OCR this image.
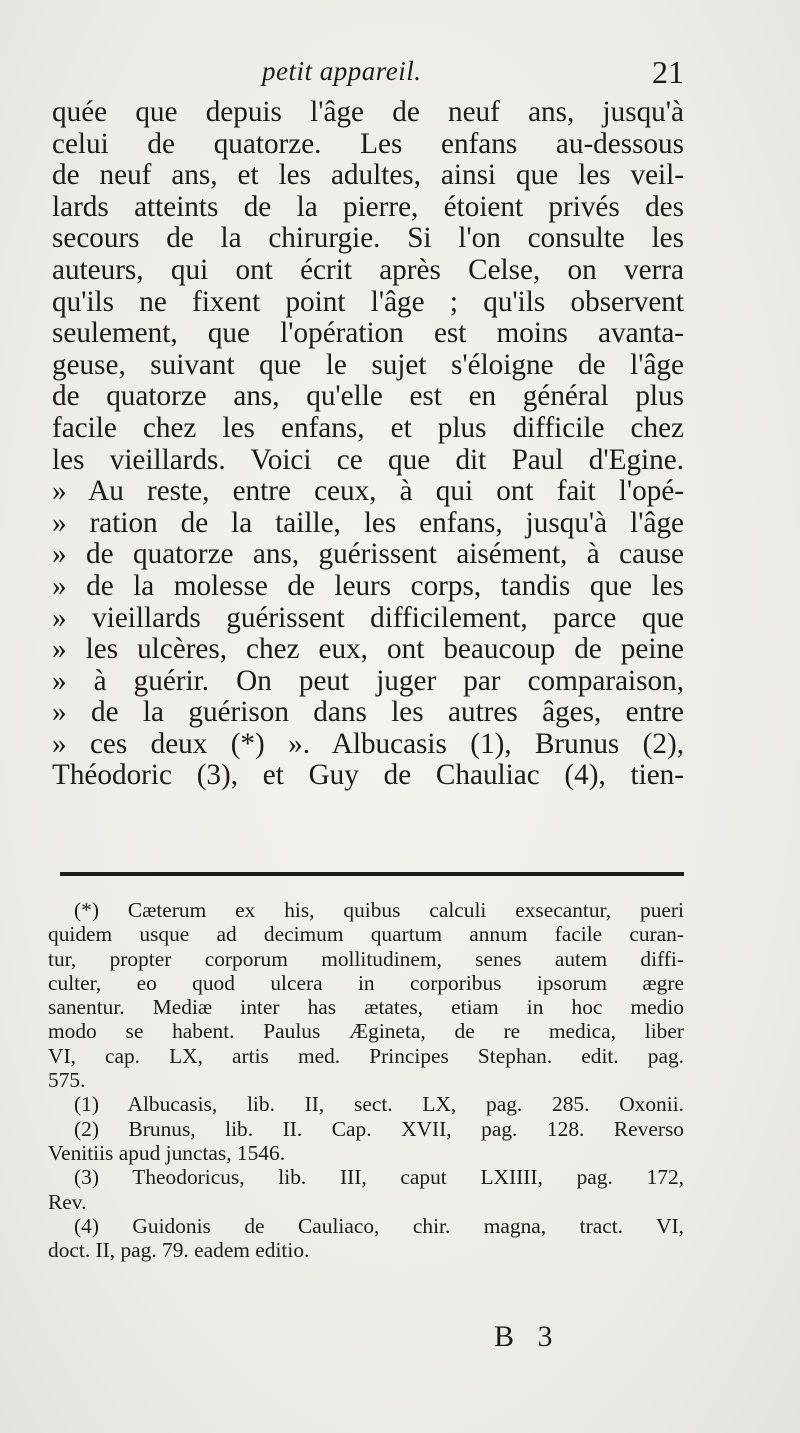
petit appareil.	21
quée que depuis l'âge de neuf ans, jusqu'à
celui de quatorze. Les enfans au-dessous
de neuf ans, et les adultes, ainsi que les veil-
lards atteints de la pierre, étoient privés des
secours de la chirurgie. Si l'on consulte les
auteurs, qui ont écrit après Celse, on verra
qu'ils ne fixent point l'âge ; qu'ils observent
seulement, que l'opération est moins avanta-
geuse, suivant que le sujet s'éloigne de l'âge
de quatorze ans, qu'elle est en général plus
facile chez les enfans, et plus difficile chez
les vieillards. Voici ce que dit Paul d'Egine.
» Au reste, entre ceux, à qui ont fait l'opé-
» ration de la taille, les enfans, jusqu'à l'âge
» de quatorze ans, guérissent aisément, à cause
» de la molesse de leurs corps, tandis que les
» vieillards guérissent difficilement, parce que
» les ulcères, chez eux, ont beaucoup de peine
» à guérir. On peut juger par comparaison,
» de la guérison dans les autres âges, entre
» ces deux (*) ». Albucasis (1), Brunus (2),
Théodoric (3), et Guy de Chauliac (4), tien-
(*) Cæterum ex his, quibus calculi exsecantur, pueri
quidem usque ad decimum quartum annum facile curan-
tur, propter corporum mollitudinem, senes autem diffi-
culter, eo quod ulcera in corporibus ipsorum ægre
sanentur. Mediæ inter has ætates, etiam in hoc medio
modo se habent. Paulus Ægineta, de re medica, liber
VI, cap. LX, artis med. Principes Stephan. edit. pag.
575.
(1) Albucasis, lib. II, sect. LX, pag. 285. Oxonii.
(2) Brunus, lib. II. Cap. XVII, pag. 128. Reverso
Venitiis apud junctas, 1546.
(3) Theodoricus, lib. III, caput LXIIII, pag. 172,
Rev.
(4) Guidonis de Cauliaco, chir. magna, tract. VI,
doct. II, pag. 79. eadem editio.
B 3
